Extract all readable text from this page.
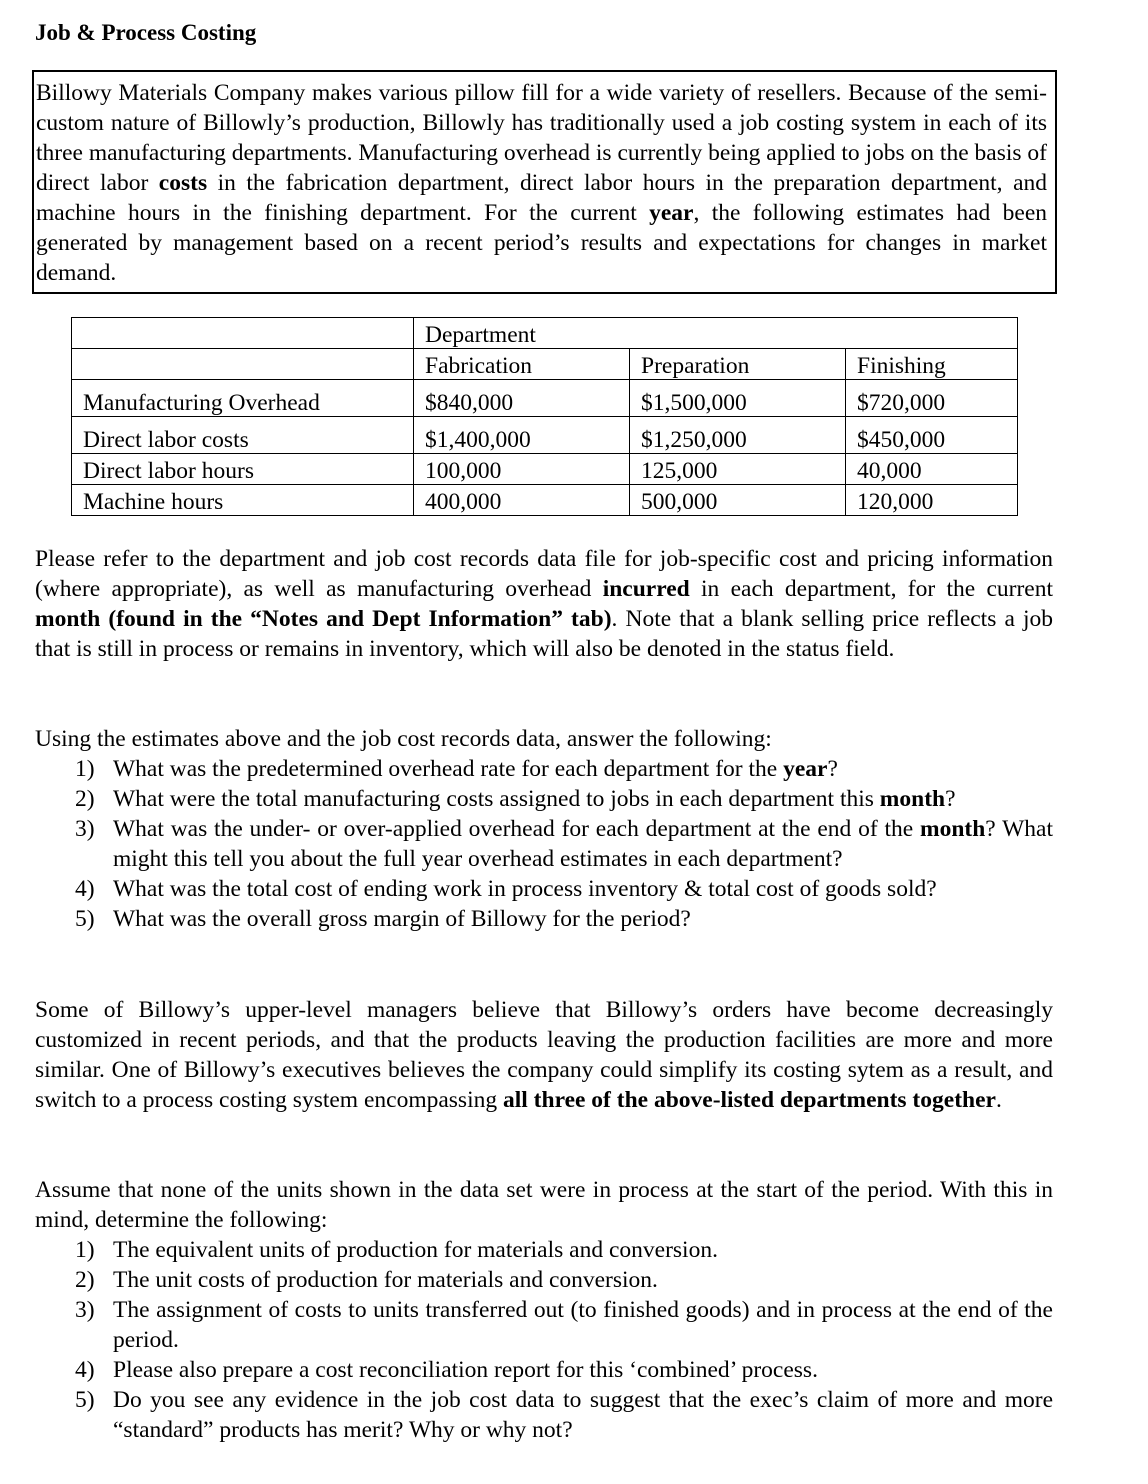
Job & Process Costing

Billowy Materials Company makes various pillow fill for a wide variety of resellers. Because of the semi-custom nature of Billowly’s production, Billowly has traditionally used a job costing system in each of its three manufacturing departments. Manufacturing overhead is currently being applied to jobs on the basis of direct labor costs in the fabrication department, direct labor hours in the preparation department, and machine hours in the finishing department. For the current year, the following estimates had been generated by management based on a recent period’s results and expectations for changes in market demand.

	Department		
	Fabrication	Preparation	Finishing
Manufacturing Overhead	$840,000	$1,500,000	$720,000
Direct labor costs	$1,400,000	$1,250,000	$450,000
Direct labor hours	100,000	125,000	40,000
Machine hours	400,000	500,000	120,000

Please refer to the department and job cost records data file for job-specific cost and pricing information (where appropriate), as well as manufacturing overhead incurred in each department, for the current month (found in the “Notes and Dept Information” tab). Note that a blank selling price reflects a job that is still in process or remains in inventory, which will also be denoted in the status field.

Using the estimates above and the job cost records data, answer the following:

1) What was the predetermined overhead rate for each department for the year?
2) What were the total manufacturing costs assigned to jobs in each department this month?
3) What was the under- or over-applied overhead for each department at the end of the month? What might this tell you about the full year overhead estimates in each department?
4) What was the total cost of ending work in process inventory & total cost of goods sold?
5) What was the overall gross margin of Billowy for the period?

Some of Billowy’s upper-level managers believe that Billowy’s orders have become decreasingly customized in recent periods, and that the products leaving the production facilities are more and more similar. One of Billowy’s executives believes the company could simplify its costing sytem as a result, and switch to a process costing system encompassing all three of the above-listed departments together.

Assume that none of the units shown in the data set were in process at the start of the period. With this in mind, determine the following:

1) The equivalent units of production for materials and conversion.
2) The unit costs of production for materials and conversion.
3) The assignment of costs to units transferred out (to finished goods) and in process at the end of the period.
4) Please also prepare a cost reconciliation report for this ‘combined’ process.
5) Do you see any evidence in the job cost data to suggest that the exec’s claim of more and more “standard” products has merit? Why or why not?
